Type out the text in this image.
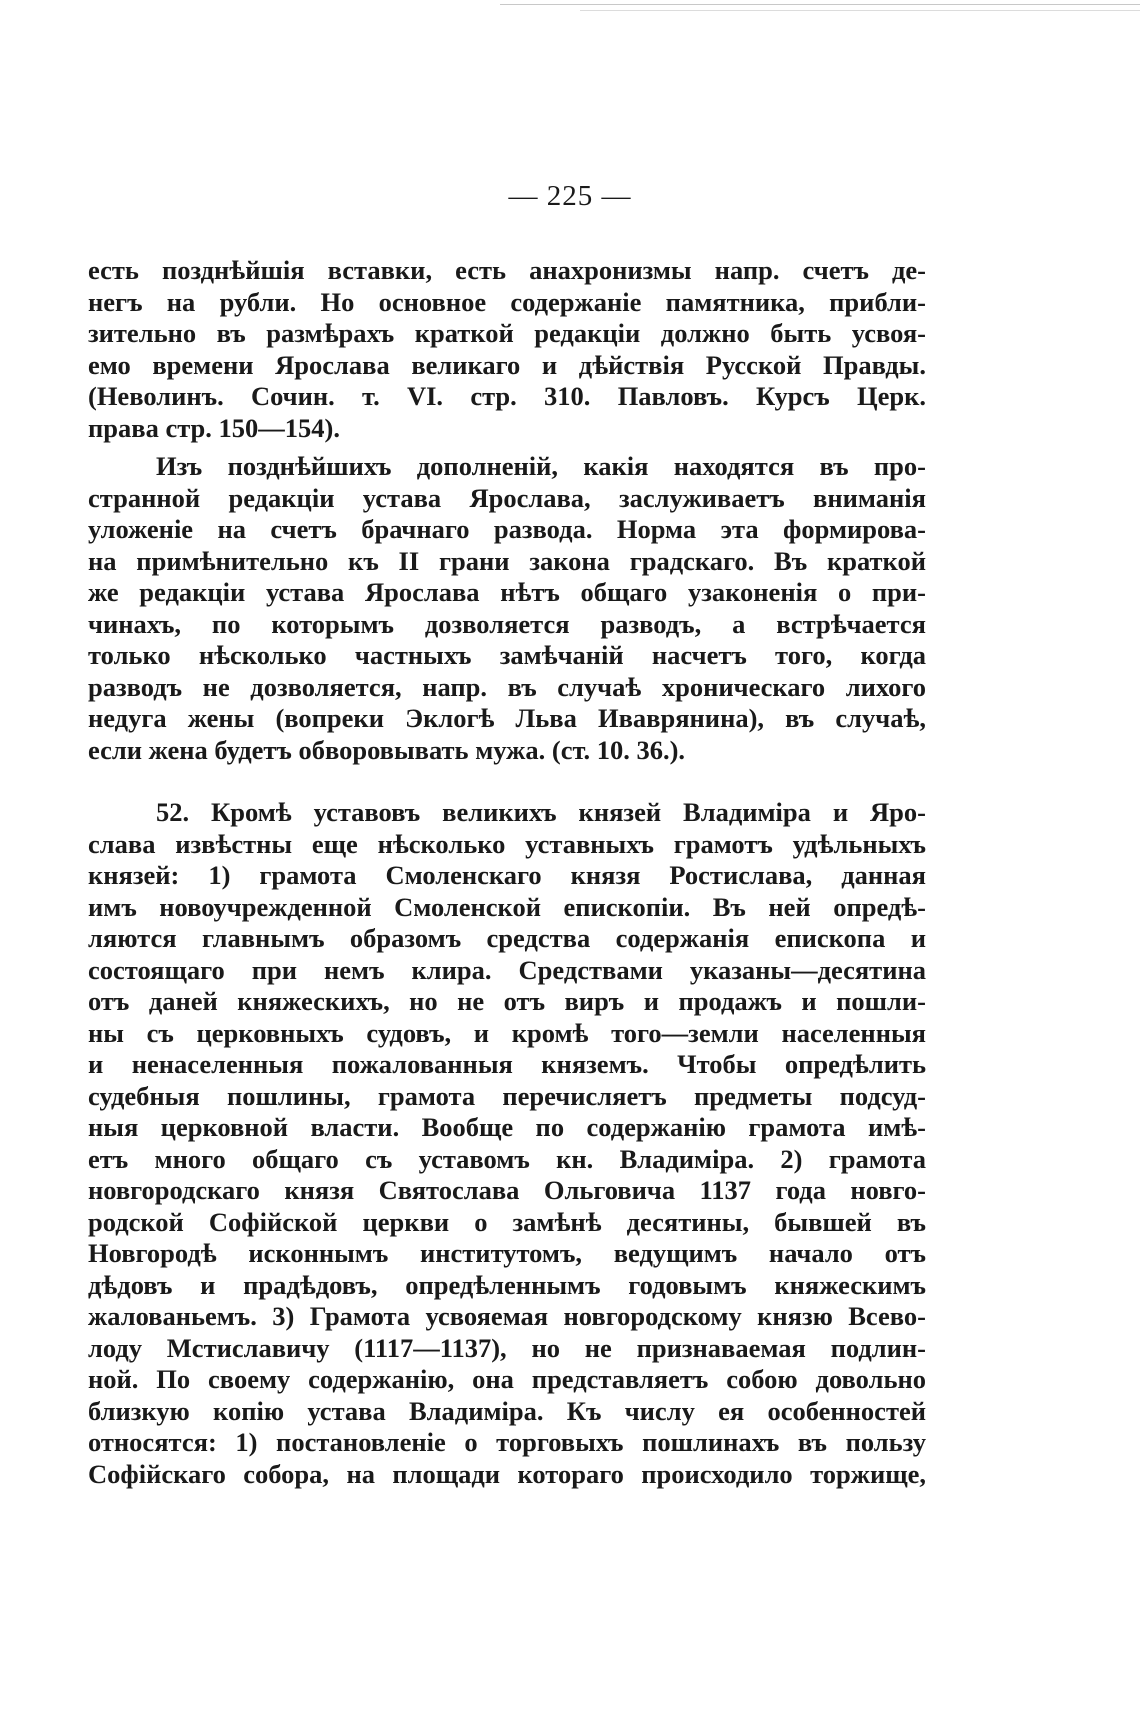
— 225 —
есть позднѣйшія вставки, есть анахронизмы напр. счетъ де-
негъ на рубли. Но основное содержаніе памятника, прибли-
зительно въ размѣрахъ краткой редакціи должно быть усвоя-
емо времени Ярослава великаго и дѣйствія Русской Правды.
(Неволинъ. Сочин. т. VI. стр. 310. Павловъ. Курсъ Церк.
права стр. 150—154).
Изъ позднѣйшихъ дополненій, какія находятся въ про-
странной редакціи устава Ярослава, заслуживаетъ вниманія
уложеніе на счетъ брачнаго развода. Норма эта формирова-
на примѣнительно къ II грани закона градскаго. Въ краткой
же редакціи устава Ярослава нѣтъ общаго узаконенія о при-
чинахъ, по которымъ дозволяется разводъ, а встрѣчается
только нѣсколько частныхъ замѣчаній насчетъ того, когда
разводъ не дозволяется, напр. въ случаѣ хроническаго лихого
недуга жены (вопреки Эклогѣ Льва Иваврянина), въ случаѣ,
если жена будетъ обворовывать мужа. (ст. 10. 36.).
52. Кромѣ уставовъ великихъ князей Владиміра и Яро-
слава извѣстны еще нѣсколько уставныхъ грамотъ удѣльныхъ
князей: 1) грамота Смоленскаго князя Ростислава, данная
имъ новоучрежденной Смоленской епископіи. Въ ней опредѣ-
ляются главнымъ образомъ средства содержанія епископа и
состоящаго при немъ клира. Средствами указаны—десятина
отъ даней княжескихъ, но не отъ виръ и продажъ и пошли-
ны съ церковныхъ судовъ, и кромѣ того—земли населенныя
и ненаселенныя пожалованныя княземъ. Чтобы опредѣлить
судебныя пошлины, грамота перечисляетъ предметы подсуд-
ныя церковной власти. Вообще по содержанію грамота имѣ-
етъ много общаго съ уставомъ кн. Владиміра. 2) грамота
новгородскаго князя Святослава Ольговича 1137 года новго-
родской Софійской церкви о замѣнѣ десятины, бывшей въ
Новгородѣ исконнымъ институтомъ, ведущимъ начало отъ
дѣдовъ и прадѣдовъ, опредѣленнымъ годовымъ княжескимъ
жалованьемъ. 3) Грамота усвояемая новгородскому князю Всево-
лоду Мстиславичу (1117—1137), но не признаваемая подлин-
ной. По своему содержанію, она представляетъ собою довольно
близкую копію устава Владиміра. Къ числу ея особенностей
относятся: 1) постановленіе о торговыхъ пошлинахъ въ пользу
Софійскаго собора, на площади котораго происходило торжище,
